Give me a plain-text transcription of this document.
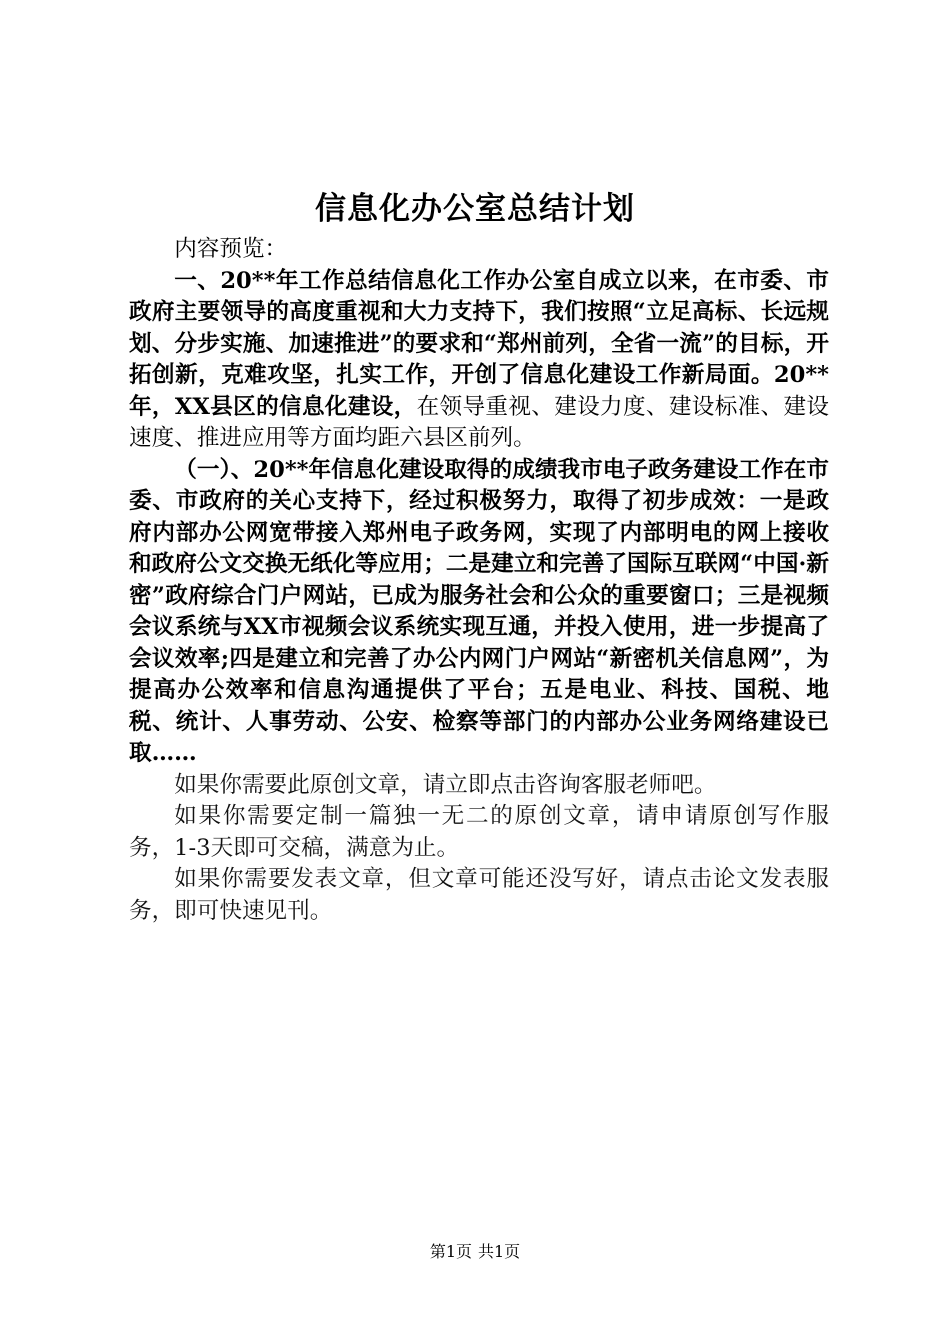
信息化办公室总结计划

内容预览：

一、20**年工作总结信息化工作办公室自成立以来，在市委、市政府主要领导的高度重视和大力支持下，我们按照“立足高标、长远规划、分步实施、加速推进”的要求和“郑州前列，全省一流”的目标，开拓创新，克难攻坚，扎实工作，开创了信息化建设工作新局面。20**年，XX县区的信息化建设，在领导重视、建设力度、建设标准、建设速度、推进应用等方面均距六县区前列。

（一）、20**年信息化建设取得的成绩我市电子政务建设工作在市委、市政府的关心支持下，经过积极努力，取得了初步成效：一是政府内部办公网宽带接入郑州电子政务网，实现了内部明电的网上接收和政府公文交换无纸化等应用；二是建立和完善了国际互联网“中国·新密”政府综合门户网站，已成为服务社会和公众的重要窗口；三是视频会议系统与XX市视频会议系统实现互通，并投入使用，进一步提高了会议效率;四是建立和完善了办公内网门户网站“新密机关信息网”，为提高办公效率和信息沟通提供了平台；五是电业、科技、国税、地税、统计、人事劳动、公安、检察等部门的内部办公业务网络建设已取……

如果你需要此原创文章，请立即点击咨询客服老师吧。

如果你需要定制一篇独一无二的原创文章，请申请原创写作服务，1-3天即可交稿，满意为止。

如果你需要发表文章，但文章可能还没写好，请点击论文发表服务，即可快速见刊。

第1页 共1页
